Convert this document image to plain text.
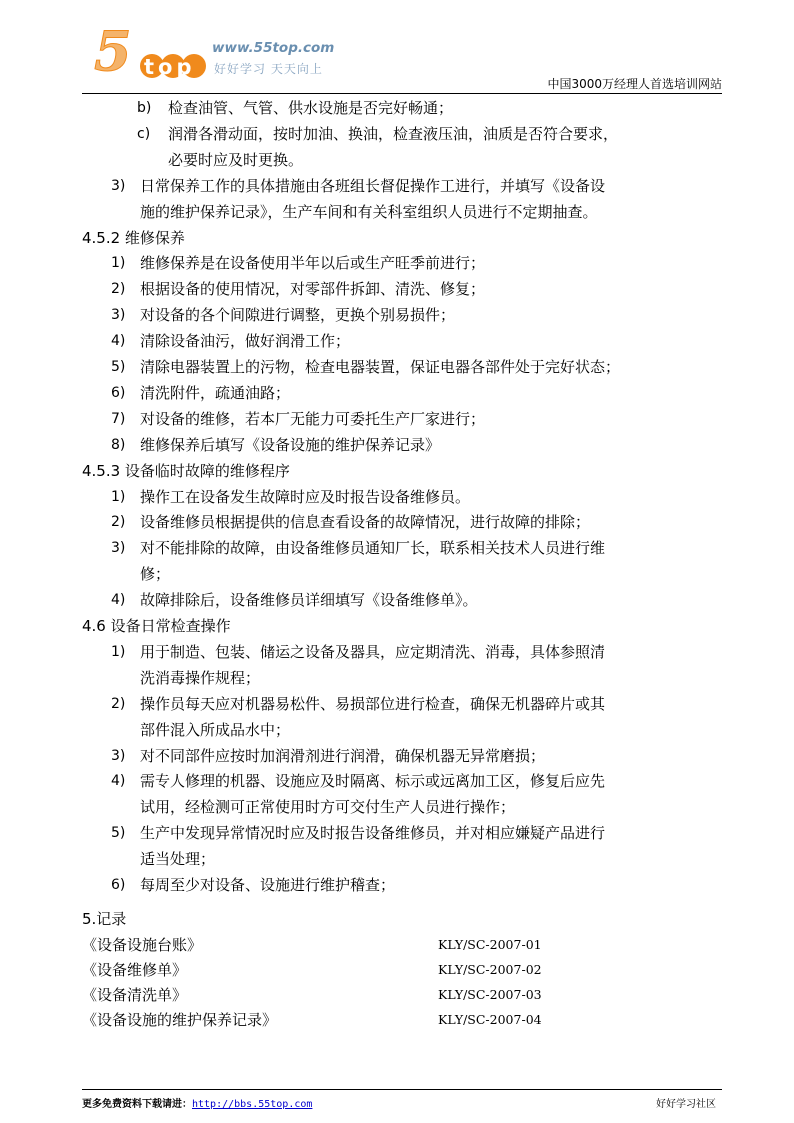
5 top
www.55top.com
好好学习 天天向上
中国3000万经理人首选培训网站
b) 检查油管、气管、供水设施是否完好畅通；
c) 润滑各滑动面，按时加油、换油，检查液压油，油质是否符合要求，
必要时应及时更换。
3) 日常保养工作的具体措施由各班组长督促操作工进行，并填写《设备设
施的维护保养记录》，生产车间和有关科室组织人员进行不定期抽查。
4.5.2 维修保养
1) 维修保养是在设备使用半年以后或生产旺季前进行；
2) 根据设备的使用情况，对零部件拆卸、清洗、修复；
3) 对设备的各个间隙进行调整，更换个别易损件；
4) 清除设备油污，做好润滑工作；
5) 清除电器装置上的污物，检查电器装置，保证电器各部件处于完好状态；
6) 清洗附件，疏通油路；
7) 对设备的维修，若本厂无能力可委托生产厂家进行；
8) 维修保养后填写《设备设施的维护保养记录》
4.5.3 设备临时故障的维修程序
1) 操作工在设备发生故障时应及时报告设备维修员。
2) 设备维修员根据提供的信息查看设备的故障情况，进行故障的排除；
3) 对不能排除的故障，由设备维修员通知厂长，联系相关技术人员进行维
修；
4) 故障排除后，设备维修员详细填写《设备维修单》。
4.6 设备日常检查操作
1) 用于制造、包装、储运之设备及器具，应定期清洗、消毒，具体参照清
洗消毒操作规程；
2) 操作员每天应对机器易松件、易损部位进行检查，确保无机器碎片或其
部件混入所成品水中；
3) 对不同部件应按时加润滑剂进行润滑，确保机器无异常磨损；
4) 需专人修理的机器、设施应及时隔离、标示或远离加工区，修复后应先
试用，经检测可正常使用时方可交付生产人员进行操作；
5) 生产中发现异常情况时应及时报告设备维修员，并对相应嫌疑产品进行
适当处理；
6) 每周至少对设备、设施进行维护稽查；
5.记录
《设备设施台账》	KLY/SC-2007-01
《设备维修单》	KLY/SC-2007-02
《设备清洗单》	KLY/SC-2007-03
《设备设施的维护保养记录》	KLY/SC-2007-04
更多免费资料下载请进：http://bbs.55top.com	好好学习社区
